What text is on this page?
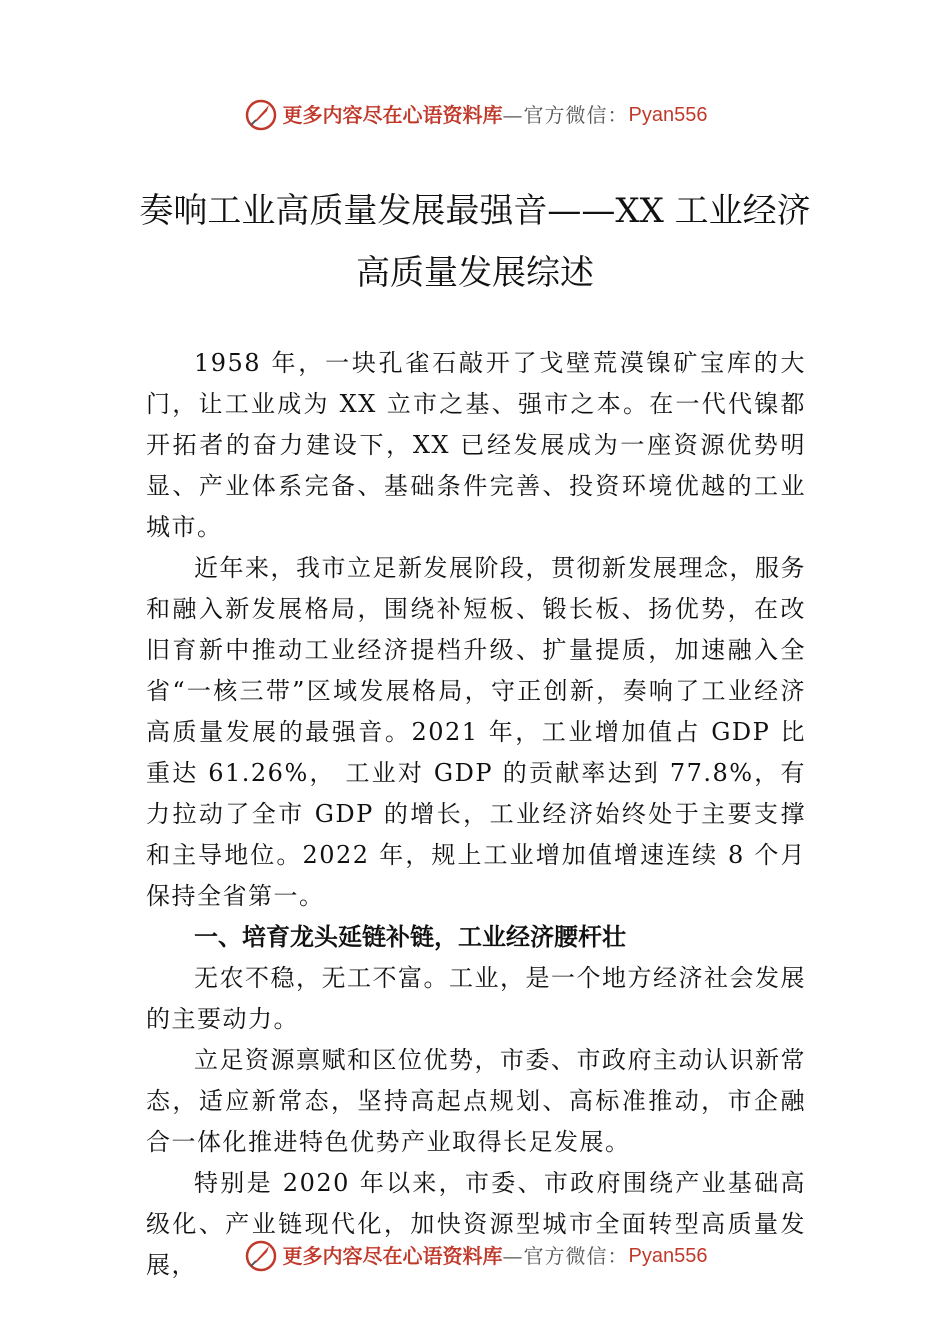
更多内容尽在心语资料库 — 官方微信： Pyan556
奏响工业高质量发展最强音——XX 工业经济高质量发展综述

1958 年，一块孔雀石敲开了戈壁荒漠镍矿宝库的大门，让工业成为 XX 立市之基、强市之本。在一代代镍都开拓者的奋力建设下，XX 已经发展成为一座资源优势明显、产业体系完备、基础条件完善、投资环境优越的工业城市。

近年来，我市立足新发展阶段，贯彻新发展理念，服务和融入新发展格局，围绕补短板、锻长板、扬优势，在改旧育新中推动工业经济提档升级、扩量提质，加速融入全省“一核三带”区域发展格局，守正创新，奏响了工业经济高质量发展的最强音。2021 年，工业增加值占 GDP 比重达 61.26%， 工业对 GDP 的贡献率达到 77.8%，有力拉动了全市 GDP 的增长，工业经济始终处于主要支撑和主导地位。2022 年，规上工业增加值增速连续 8 个月保持全省第一。

一、培育龙头延链补链，工业经济腰杆壮

无农不稳，无工不富。工业，是一个地方经济社会发展的主要动力。

立足资源禀赋和区位优势，市委、市政府主动认识新常态，适应新常态，坚持高起点规划、高标准推动，市企融合一体化推进特色优势产业取得长足发展。

特别是 2020 年以来，市委、市政府围绕产业基础高级化、产业链现代化，加快资源型城市全面转型高质量发展，	更多内容尽在心语资料库 — 官方微信： Pyan556
